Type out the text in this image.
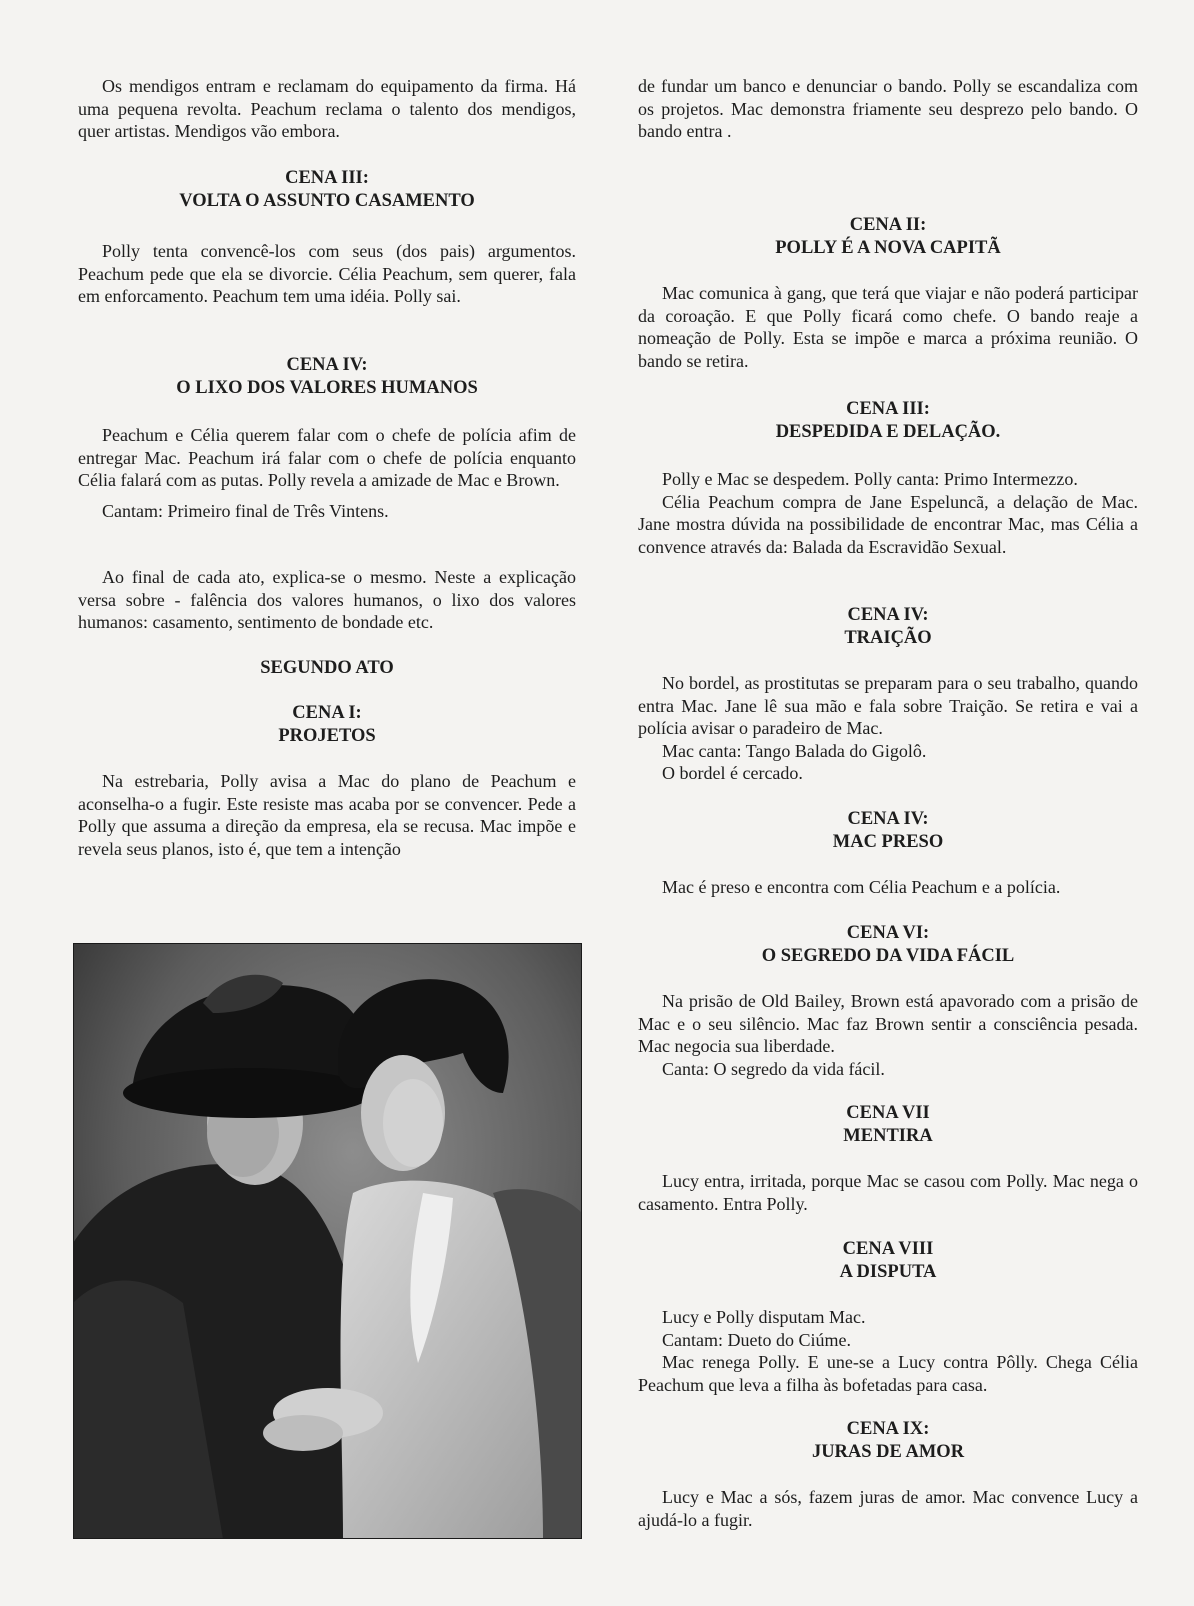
Os mendigos entram e reclamam do equipamento da firma. Há uma pequena revolta. Peachum reclama o talento dos mendigos, quer artistas. Mendigos vão embora.

CENA III:

VOLTA O ASSUNTO CASAMENTO

Polly tenta convencê-los com seus (dos pais) argumentos. Peachum pede que ela se divorcie. Célia Peachum, sem querer, fala em enforcamento. Peachum tem uma idéia. Polly sai.

CENA IV:

O LIXO DOS VALORES HUMANOS

Peachum e Célia querem falar com o chefe de polícia afim de entregar Mac. Peachum irá falar com o chefe de polícia enquanto Célia falará com as putas. Polly revela a amizade de Mac e Brown.

Cantam: Primeiro final de Três Vintens.

Ao final de cada ato, explica-se o mesmo. Neste a explicação versa sobre - falência dos valores humanos, o lixo dos valores humanos: casamento, sentimento de bondade etc.

SEGUNDO ATO

CENA I:

PROJETOS

Na estrebaria, Polly avisa a Mac do plano de Peachum e aconselha-o a fugir. Este resiste mas acaba por se convencer. Pede a Polly que assuma a direção da empresa, ela se recusa. Mac impõe e revela seus planos, isto é, que tem a intenção

de fundar um banco e denunciar o bando. Polly se escandaliza com os projetos. Mac demonstra friamente seu desprezo pelo bando. O bando entra .

CENA II:

POLLY É A NOVA CAPITÃ

Mac comunica à gang, que terá que viajar e não poderá participar da coroação. E que Polly ficará como chefe. O bando reaje a nomeação de Polly. Esta se impõe e marca a próxima reunião. O bando se retira.

CENA III:

DESPEDIDA E DELAÇÃO.

Polly e Mac se despedem. Polly canta: Primo Intermezzo.

Célia Peachum compra de Jane Espeluncã, a delação de Mac. Jane mostra dúvida na possibilidade de encontrar Mac, mas Célia a convence através da: Balada da Escravidão Sexual.

CENA IV:

TRAIÇÃO

No bordel, as prostitutas se preparam para o seu trabalho, quando entra Mac. Jane lê sua mão e fala sobre Traição. Se retira e vai a polícia avisar o paradeiro de Mac.

Mac canta: Tango Balada do Gigolô.

O bordel é cercado.

CENA IV:

MAC PRESO

Mac é preso e encontra com Célia Peachum e a polícia.

CENA VI:

O SEGREDO DA VIDA FÁCIL

Na prisão de Old Bailey, Brown está apavorado com a prisão de Mac e o seu silêncio. Mac faz Brown sentir a consciência pesada. Mac negocia sua liberdade.

Canta: O segredo da vida fácil.

CENA VII

MENTIRA

Lucy entra, irritada, porque Mac se casou com Polly. Mac nega o casamento. Entra Polly.

CENA VIII

A DISPUTA

Lucy e Polly disputam Mac.

Cantam: Dueto do Ciúme.

Mac renega Polly. E une-se a Lucy contra Pôlly. Chega Célia Peachum que leva a filha às bofetadas para casa.

CENA IX:

JURAS DE AMOR

Lucy e Mac a sós, fazem juras de amor. Mac convence Lucy a ajudá-lo a fugir.
